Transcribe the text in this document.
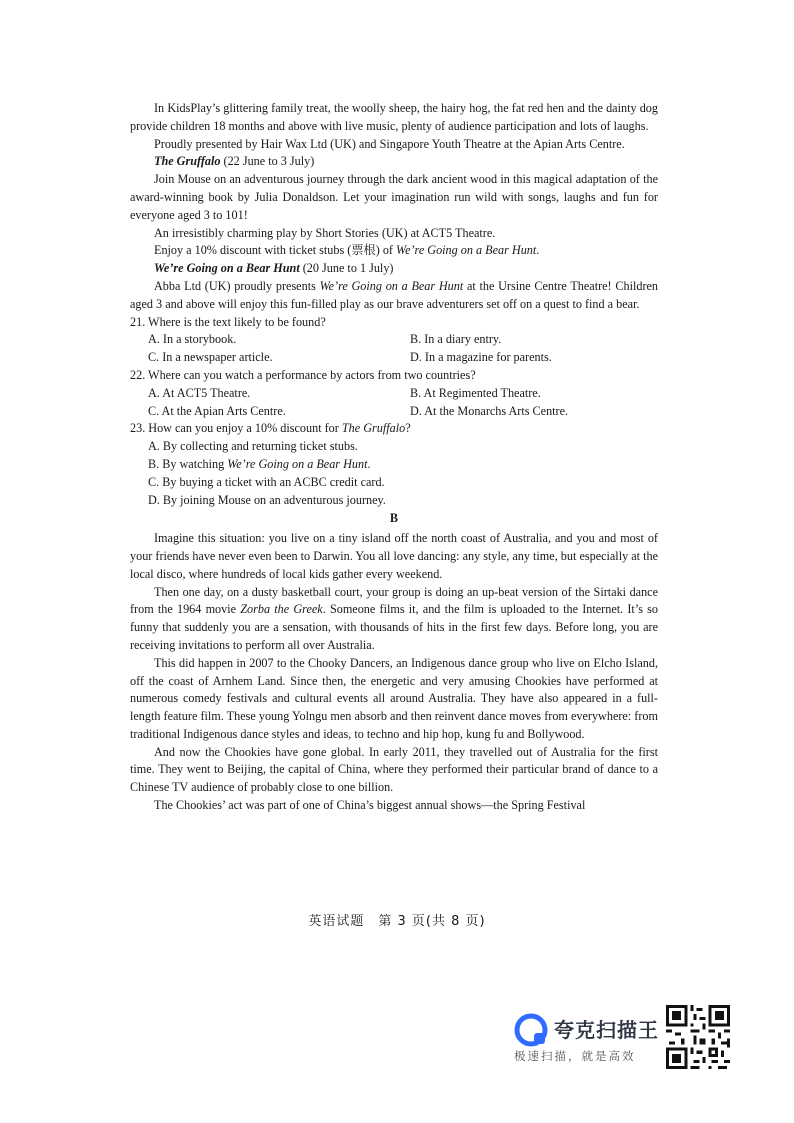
In KidsPlay’s glittering family treat, the woolly sheep, the hairy hog, the fat red hen and the dainty dog provide children 18 months and above with live music, plenty of audience participation and lots of laughs.

Proudly presented by Hair Wax Ltd (UK) and Singapore Youth Theatre at the Apian Arts Centre.

The Gruffalo (22 June to 3 July)

Join Mouse on an adventurous journey through the dark ancient wood in this magical adaptation of the award-winning book by Julia Donaldson. Let your imagination run wild with songs, laughs and fun for everyone aged 3 to 101!

An irresistibly charming play by Short Stories (UK) at ACT5 Theatre.

Enjoy a 10% discount with ticket stubs (票根) of We’re Going on a Bear Hunt.

We’re Going on a Bear Hunt (20 June to 1 July)

Abba Ltd (UK) proudly presents We’re Going on a Bear Hunt at the Ursine Centre Theatre! Children aged 3 and above will enjoy this fun-filled play as our brave adventurers set off on a quest to find a bear.

21. Where is the text likely to be found?

A. In a storybook.	B. In a diary entry.
C. In a newspaper article.	D. In a magazine for parents.

22. Where can you watch a performance by actors from two countries?

A. At ACT5 Theatre.	B. At Regimented Theatre.
C. At the Apian Arts Centre.	D. At the Monarchs Arts Centre.

23. How can you enjoy a 10% discount for The Gruffalo?

A. By collecting and returning ticket stubs.

B. By watching We’re Going on a Bear Hunt.

C. By buying a ticket with an ACBC credit card.

D. By joining Mouse on an adventurous journey.

B

Imagine this situation: you live on a tiny island off the north coast of Australia, and you and most of your friends have never even been to Darwin. You all love dancing: any style, any time, but especially at the local disco, where hundreds of local kids gather every weekend.

Then one day, on a dusty basketball court, your group is doing an up-beat version of the Sirtaki dance from the 1964 movie Zorba the Greek. Someone films it, and the film is uploaded to the Internet. It’s so funny that suddenly you are a sensation, with thousands of hits in the first few days. Before long, you are receiving invitations to perform all over Australia.

This did happen in 2007 to the Chooky Dancers, an Indigenous dance group who live on Elcho Island, off the coast of Arnhem Land. Since then, the energetic and very amusing Chookies have performed at numerous comedy festivals and cultural events all around Australia. They have also appeared in a full-length feature film. These young Yolngu men absorb and then reinvent dance moves from everywhere: from traditional Indigenous dance styles and ideas, to techno and hip hop, kung fu and Bollywood.

And now the Chookies have gone global. In early 2011, they travelled out of Australia for the first time. They went to Beijing, the capital of China, where they performed their particular brand of dance to a Chinese TV audience of probably close to one billion.

The Chookies’ act was part of one of China’s biggest annual shows—the Spring Festival

英语试题　第 3 页(共 8 页)
夸克扫描王
极速扫描，就是高效
